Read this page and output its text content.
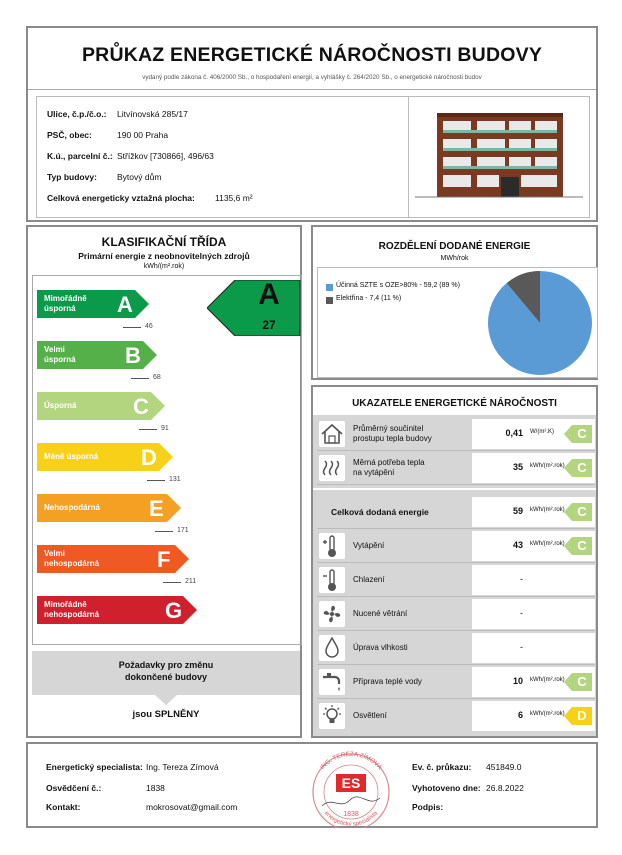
PRŮKAZ ENERGETICKÉ NÁROČNOSTI BUDOVY
vydaný podle zákona č. 406/2000 Sb., o hospodaření energií, a vyhlášky č. 264/2020 Sb., o energetické náročnosti budov
Ulice, č.p./č.o.: Litvínovská 285/17
PSČ, obec:	190 00 Praha
K.ú., parcelní č.: Střížkov [730866], 496/63
Typ budovy: Bytový dům
Celková energeticky vztažná plocha: 1135,6 m²
KLASIFIKAČNÍ TŘÍDA
Primární energie z neobnovitelných zdrojů
kWh/(m².rok)
Mimořádně
úsporná	A
46
Velmi
úsporná B
68
Úsporná	C
91
Méně úsporná D
131
Nehospodárná E
171
Velmi
nehospodárná	F
211
Mimořádně
nehospodárná	G
A
27
Požadavky pro změnu
dokončené budovy
jsou SPLNĚNY
ROZDĚLENÍ DODANÉ ENERGIE
MWh/rok
Účinná SZTE s OZE>80% - 59,2 (89 %)
Elektřina - 7,4 (11 %)
UKAZATELE ENERGETICKÉ NÁROČNOSTI
Průměrný součinitel
prostupu tepla budovy
0,41 W/(m².K) C
Měrná potřeba tepla
na vytápění
35 kWh/(m².rok) C
Celková dodaná energie	59 kWh/(m².rok) C
Vytápění	43 kWh/(m².rok) C
Chlazení	-
Nucené větrání	-
Úprava vlhkosti	-
Příprava teplé vody	10 kWh/(m².rok) C
Osvětlení	6 kWh/(m².rok) D
Energetický specialista: Ing. Tereza Zímová
Osvědčení č.:	1838
Kontakt:	mokrosovat@gmail.com
ING. TEREZA ZÍMOVÁ
energetický specialista
ES
1838
Ev. č. průkazu: 451849.0
Vyhotoveno dne: 26.8.2022
Podpis:
